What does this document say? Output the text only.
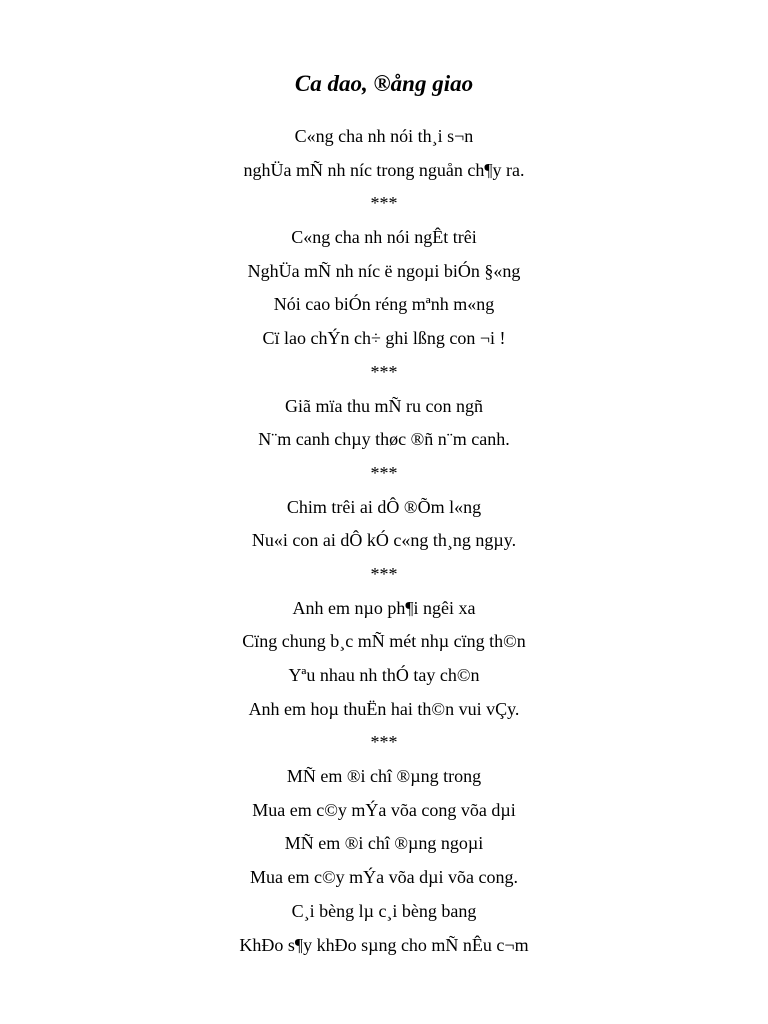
Ca dao, ®ång giao
C«ng cha nh nói th¸i s¬n
nghÜa mÑ nh níc trong nguån ch¶y ra.
***
C«ng cha nh nói ngÊt trêi
NghÜa mÑ nh níc ë ngoµi biÓn §«ng
Nói cao biÓn réng mªnh m«ng
Cï lao chÝn ch÷ ghi lßng con ¬i !
***
Giã mïa thu mÑ ru con ngñ
N¨m canh chµy thøc ®ñ n¨m canh.
***
Chim trêi ai dÔ ®Õm l«ng
Nu«i con ai dÔ kÓ c«ng th¸ng ngµy.
***
Anh em nµo ph¶i ngêi xa
Cïng chung b¸c mÑ mét nhµ cïng th©n
Yªu nhau nh thÓ tay ch©n
Anh em hoµ thuËn hai th©n vui vÇy.
***
MÑ em ®i chî ®µng trong
Mua em c©y mÝa võa cong võa dµi
MÑ em ®i chî ®µng ngoµi
Mua em c©y mÝa võa dµi võa cong.
C¸i bèng lµ c¸i bèng bang
KhÐo s¶y khÐo sµng cho mÑ nÊu c¬m
